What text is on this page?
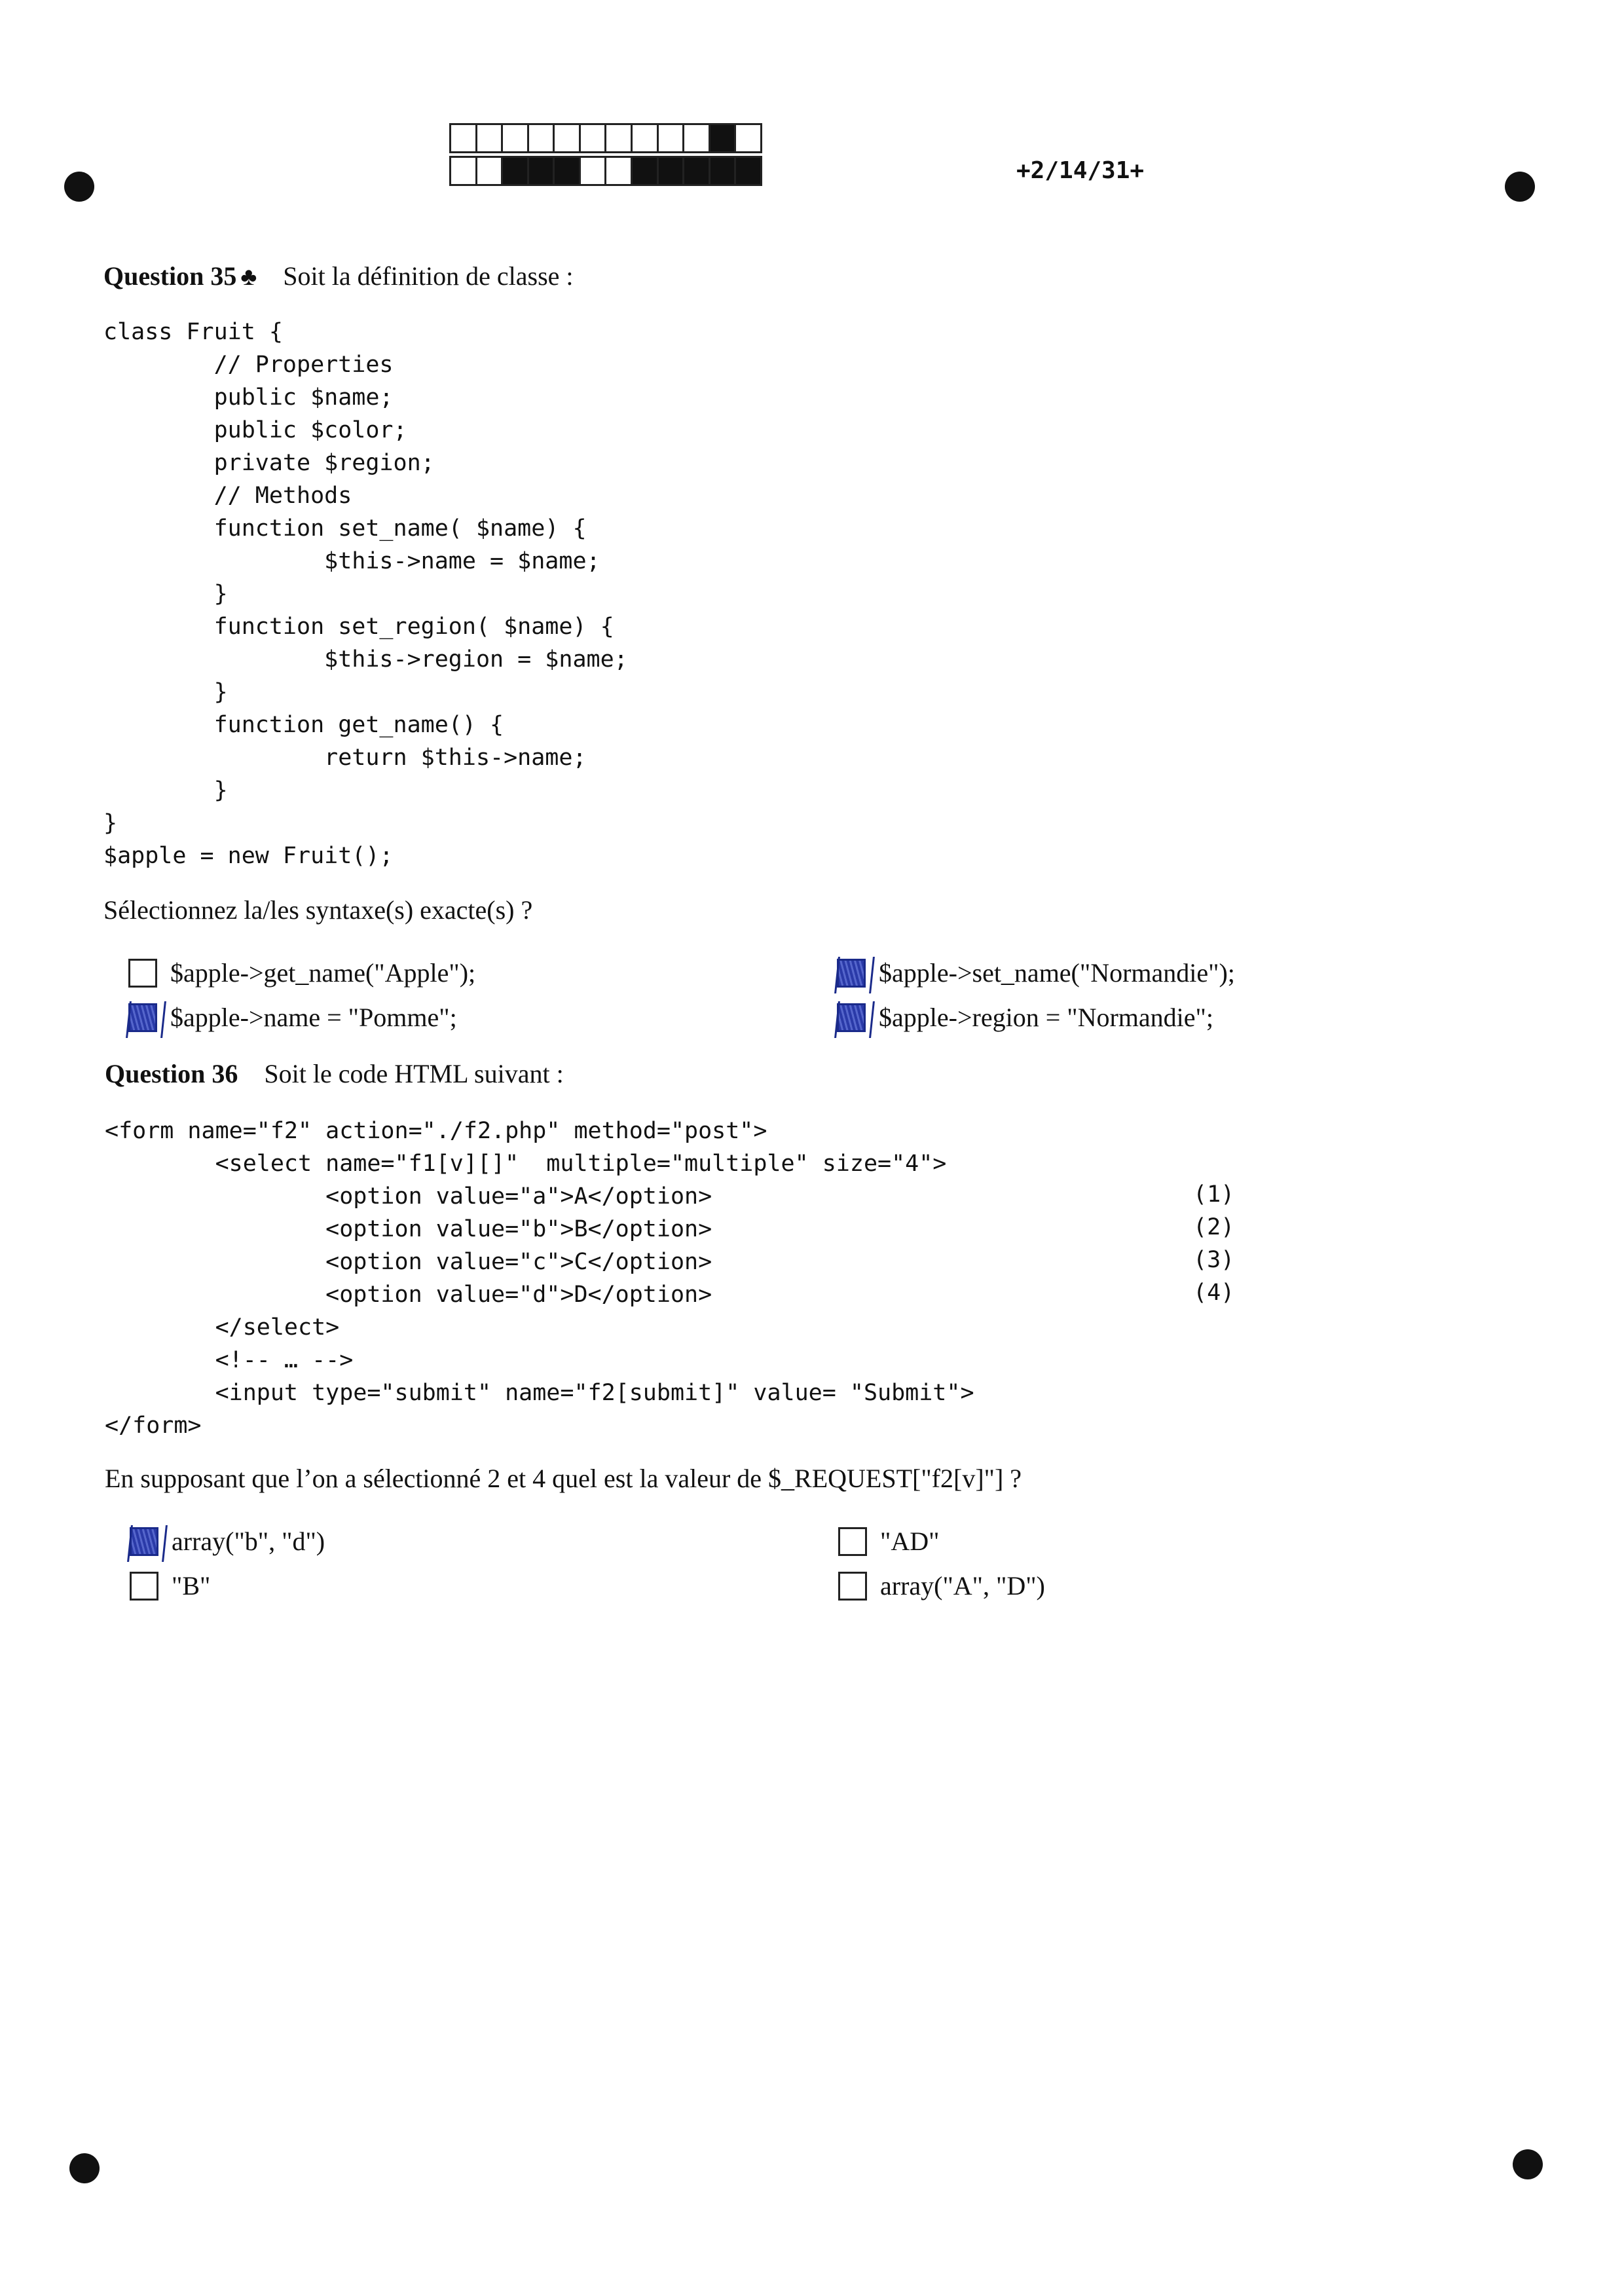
+2/14/31+
Question 35 ♣ Soit la définition de classe :
class Fruit {
// Properties
public $name;
public $color;
private $region;
// Methods
function set_name( $name) {
$this->name = $name;
}
function set_region( $name) {
$this->region = $name;
}
function get_name() {
return $this->name;
}
}
$apple = new Fruit();
Sélectionnez la/les syntaxe(s) exacte(s) ?
$apple->get_name("Apple");	$apple->set_name("Normandie");
$apple->name = "Pomme";	$apple->region = "Normandie";
Question 36 Soit le code HTML suivant :
<form name="f2" action="./f2.php" method="post">
<select name="f1[v][]"  multiple="multiple" size="4">
<option value="a">A</option>
<option value="b">B</option>
<option value="c">C</option>
<option value="d">D</option>
</select>
<!-- … -->
<input type="submit" name="f2[submit]" value= "Submit">
</form>
(1)
(2)
(3)
(4)
En supposant que l’on a sélectionné 2 et 4 quel est la valeur de $_REQUEST["f2[v]"] ?
array("b", "d")	"AD"
"B"	array("A", "D")
